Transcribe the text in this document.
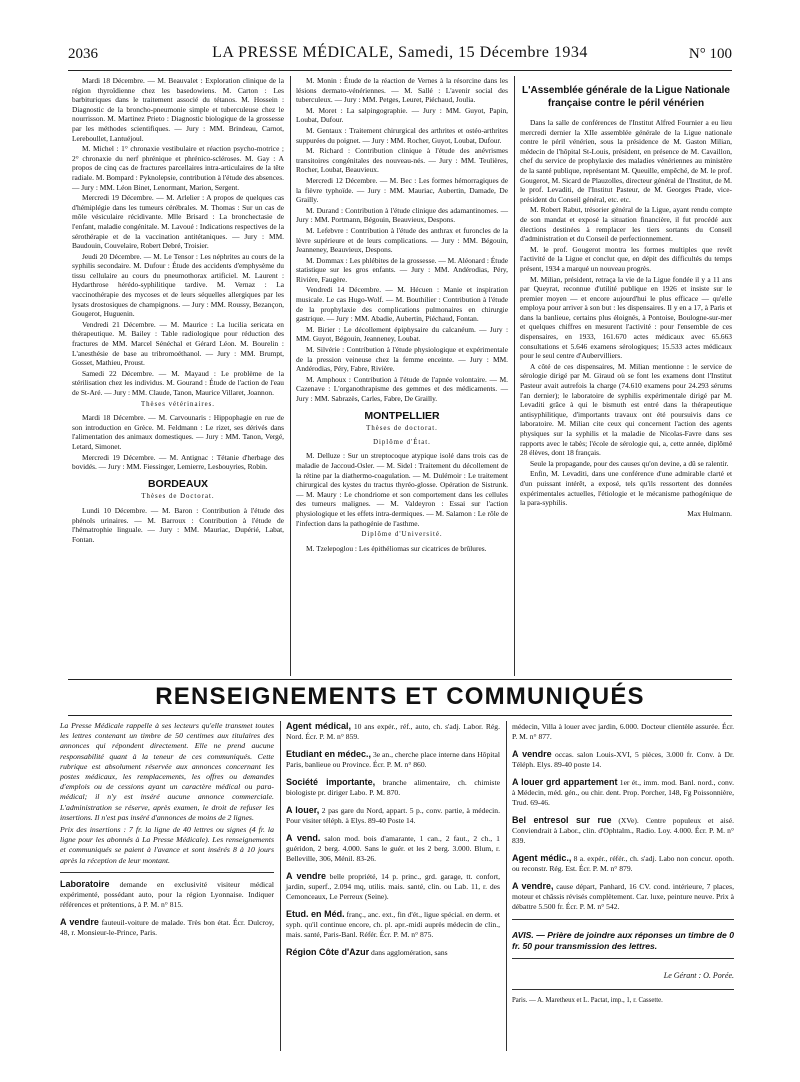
2036	LA PRESSE MÉDICALE, Samedi, 15 Décembre 1934	N° 100

Mardi 18 Décembre. — M. Beauvalet : Exploration clinique de la région thyroïdienne chez les basedowiens. M. Carton : Les barbituriques dans le traitement associé du tétanos. M. Hossein : Diagnostic de la broncho-pneumonie simple et tuberculeuse chez le nourrisson. M. Martinez Prieto : Diagnostic biologique de la grossesse par les méthodes scientifiques. — Jury : MM. Brindeau, Carnot, Lereboullet, Lantuéjoul.

M. Michel : 1° chronaxie vestibulaire et réaction psycho-motrice ; 2° chronaxie du nerf phrénique et phrénico-scléroses. M. Gay : A propos de cinq cas de fractures parcellaires intra-articulaires de la tête radiale. M. Bompard : Pyknolepsie, contribution à l'étude des absences. — Jury : MM. Léon Binet, Lenormant, Marion, Sergent.

Mercredi 19 Décembre. — M. Arlelier : A propos de quelques cas d'hémiplégie dans les tumeurs cérébrales. M. Thomas : Sur un cas de môle vésiculaire récidivante. Mlle Brisard : La bronchectasie de l'enfant, maladie congénitale. M. Lavoué : Indications respectives de la sérothérapie et de la vaccination antitétaniques. — Jury : MM. Baudouin, Couvelaire, Robert Debré, Troisier.

Jeudi 20 Décembre. — M. Le Tensor : Les néphrites au cours de la syphilis secondaire. M. Dufour : Étude des accidents d'emphysème du tissu cellulaire au cours du pneumothorax artificiel. M. Laurent : Hydarthrose hérédo-syphilitique tardive. M. Vernaz : La vaccinothérapie des mycoses et de leurs séquelles allergiques par les lysats drostosiques de champignons. — Jury : MM. Roussy, Bezançon, Gougerot, Huguenin.

Vendredi 21 Décembre. — M. Maurice : La lucilia sericata en thérapeutique. M. Bailey : Table radiologique pour réduction des fractures de MM. Marcel Sénéchal et Gérard Léon. M. Bourelin : L'anesthésie de base au tribromoéthanol. — Jury : MM. Brumpt, Gosset, Mathieu, Proust.

Samedi 22 Décembre. — M. Mayaud : Le problème de la stérilisation chez les individus. M. Gourand : Étude de l'action de l'eau de St-Aré. — Jury : MM. Claude, Tanon, Maurice Villaret, Joannon.

Thèses vétérinaires.

Mardi 18 Décembre. — M. Carvounaris : Hippophagie en rue de son introduction en Grèce. M. Feldmann : Le rizet, ses dérivés dans l'alimentation des animaux domestiques. — Jury : MM. Tanon, Vergé, Letard, Simonet.

Mercredi 19 Décembre. — M. Antignac : Tétanie d'herbage des bovidés. — Jury : MM. Fiessinger, Lemierre, Lesbouyries, Robin.

BORDEAUX
Thèses de Doctorat.

Lundi 10 Décembre. — M. Baron : Contribution à l'étude des phénols urinaires. — M. Barroux : Contribution à l'étude de l'hématrophie linguale. — Jury : MM. Mauriac, Dupérié, Labat, Fontan.

M. Monin : Étude de la réaction de Vernes à la résorcine dans les lésions dermato-vénériennes. — M. Sallé : L'avenir social des tuberculeux. — Jury : MM. Petges, Leuret, Piéchaud, Joulia.

M. Moret : La salpingographie. — Jury : MM. Guyot, Papin, Loubat, Dufour.

M. Gentaux : Traitement chirurgical des arthrites et ostéo-arthrites suppurées du poignet. — Jury : MM. Rocher, Guyot, Loubat, Dufour.

M. Richard : Contribution clinique à l'étude des anévrismes transitoires congénitales des nouveau-nés. — Jury : MM. Teulières, Rocher, Loubat, Beauvieux.

Mercredi 12 Décembre. — M. Bec : Les formes hémorragiques de la fièvre typhoïde. — Jury : MM. Mauriac, Aubertin, Damade, De Grailly.

M. Durand : Contribution à l'étude clinique des adamantinomes. — Jury : MM. Portmann, Bégouin, Beauvieux, Despons.

M. Lefebvre : Contribution à l'étude des anthrax et furoncles de la lèvre supérieure et de leurs complications. — Jury : MM. Bégouin, Jeanneney, Beauvieux, Despons.

M. Dommax : Les phlébites de la grossesse. — M. Aléonard : Étude statistique sur les gros enfants. — Jury : MM. Andérodias, Péry, Rivière, Faugère.

Vendredi 14 Décembre. — M. Hécuen : Manie et inspiration musicale. Le cas Hugo-Wolf. — M. Bouthilier : Contribution à l'étude de la prophylaxie des complications pulmonaires en chirurgie gastrique. — Jury : MM. Abadie, Aubertin, Piéchaud, Fontan.

M. Birier : Le décollement épiphysaire du calcanéum. — Jury : MM. Guyot, Bégouin, Jeanneney, Loubat.

M. Silvérie : Contribution à l'étude physiologique et expérimentale de la pression veineuse chez la femme enceinte. — Jury : MM. Andérodias, Péry, Fabre, Rivière.

M. Amphoux : Contribution à l'étude de l'apnée volontaire. — M. Cazenave : L'organothrapisme des gemmes et des médicaments. — Jury : MM. Sabrazès, Carles, Fabre, De Grailly.

MONTPELLIER
Thèses de doctorat.
Diplôme d'État.

M. Delluze : Sur un streptocoque atypique isolé dans trois cas de maladie de Jaccoud-Osler. — M. Sidel : Traitement du décollement de la rétine par la diathermo-coagulation. — M. Dulémoir : Le traitement chirurgical des kystes du tractus thyréo-glosse. Opération de Sistrunk. — M. Maury : Le chondriome et son comportement dans les cellules des tumeurs malignes. — M. Valdeyron : Essai sur l'action physiologique et les effets intra-dermiques. — M. Salamon : Le rôle de l'infection dans la pathogénie de l'asthme.

Diplôme d'Université.

M. Tzelepoglou : Les épithéliomas sur cicatrices de brûlures.

L'Assemblée générale de la Ligue Nationale française contre le péril vénérien

Dans la salle de conférences de l'Institut Alfred Fournier a eu lieu mercredi dernier la XIIe assemblée générale de la Ligue nationale contre le péril vénérien, sous la présidence de M. Gaston Milian, médecin de l'hôpital St-Louis, président, en présence de M. Cavaillon, chef du service de prophylaxie des maladies vénériennes au ministère de la santé publique, représentant M. Queuille, empêché, de M. le prof. Gougerot, M. Sicard de Plauzolles, directeur général de l'Institut, de M. le prof. Levaditi, de l'Institut Pasteur, de M. Georges Prade, vice-président du Conseil général, etc. etc.

M. Robert Rabut, trésorier général de la Ligue, ayant rendu compte de son mandat et exposé la situation financière, il fut procédé aux élections destinées à remplacer les tiers sortants du Conseil d'administration et du Conseil de perfectionnement.

M. le prof. Gougerot montra les formes multiples que revêt l'activité de la Ligue et conclut que, en dépit des difficultés du temps présent, 1934 a marqué un nouveau progrès.

M. Milian, président, retraça la vie de la Ligue fondée il y a 11 ans par Queyrat, reconnue d'utilité publique en 1926 et insiste sur le premier moyen — et encore aujourd'hui le plus efficace — qu'elle employa pour arriver à son but : les dispensaires. Il y en a 17, à Paris et dans la banlieue, certains plus éloignés, à Pontoise, Boulogne-sur-mer et quelques chiffres en mesurent l'activité : pour l'ensemble de ces dispensaires, en 1933, 161.670 actes médicaux avec 65.663 consultations et 5.646 examens sérologiques; 15.533 actes médicaux pour le seul centre d'Aubervilliers.

A côté de ces dispensaires, M. Milian mentionne : le service de sérologie dirigé par M. Giraud où se font les examens dont l'Institut Pasteur avait autrefois la charge (74.610 examens pour 24.293 sérums l'an dernier); le laboratoire de syphilis expérimentale dirigé par M. Levaditi grâce à qui le bismuth est entré dans la thérapeutique antisyphilitique, d'importants travaux ont été poursuivis dans ce laboratoire. M. Milian cite ceux qui concernent l'action des agents physiques sur la syphilis et la maladie de Nicolas-Favre dans ses rapports avec le tabès; l'école de sérologie qui, a, cette année, diplômé 28 élèves, dont 18 français.

Seule la propagande, pour des causes qu'on devine, a dû se ralentir.

Enfin, M. Levaditi, dans une conférence d'une admirable clarté et d'un puissant intérêt, a exposé, tels qu'ils ressortent des données expérimentales actuelles, l'étiologie et le mécanisme pathogénique de la para-syphilis.

Max Hulmann.

RENSEIGNEMENTS ET COMMUNIQUÉS
La Presse Médicale rappelle à ses lecteurs qu'elle transmet toutes les lettres contenant un timbre de 50 centimes aux titulaires des annonces qui répondent directement. Elle ne prend aucune responsabilité quant à la teneur de ces communiqués. Cette rubrique est absolument réservée aux annonces concernant les postes médicaux, les remplacements, les offres ou demandes d'emplois ou de cessions ayant un caractère médical ou para-médical; il n'y est inséré aucune annonce commerciale. L'administration se réserve, après examen, le droit de refuser les insertions. Il n'est pas inséré d'annonces de moins de 2 lignes.
Prix des insertions : 7 fr. la ligne de 40 lettres ou signes (4 fr. la ligne pour les abonnés à La Presse Médicale). Les renseignements et communiqués se paient à l'avance et sont insérés 8 à 10 jours après la réception de leur montant.
Laboratoire demande en exclusivité visiteur médical expérimenté, possédant auto, pour la région Lyonnaise. Indiquer références et prétentions, à P. M. n° 815.
A vendre fauteuil-voiture de malade. Très bon état. Écr. Dulcroy, 48, r. Monsieur-le-Prince, Paris.
Agent médical, 10 ans expér., réf., auto, ch. s'adj. Labor. Rég. Nord. Écr. P. M. n° 859.
Etudiant en médec., 3e an., cherche place interne dans Hôpital Paris, banlieue ou Province. Écr. P. M. n° 860.
Société importante, branche alimentaire, ch. chimiste biologiste pr. diriger Labo. P. M. 870.
A louer, 2 pas gare du Nord, appart. 5 p., conv. partie, à médecin. Pour visiter téléph. à Elys. 89-40 Poste 14.
A vend. salon mod. bois d'amarante, 1 can., 2 faut., 2 ch., 1 guéridon, 2 berg. 4.000. Sans le guér. et les 2 berg. 3.000. Blum, r. Belleville, 306, Ménil. 83-26.
A vendre belle propriété, 14 p. princ., grd. garage, tt. confort, jardin, superf., 2.094 mq, utilis. mais. santé, clin. ou Lab. 11, r. des Cemonceaux, Le Perreux (Seine).
Etud. en Méd. franç., anc. ext., fin d'ét., ligue spécial. en derm. et syph. qu'il continue encore, ch. pl. apr.-midi auprès médecin de clin., mais. santé, Paris-Banl. Référ. Écr. P. M. n° 875.
Région Côte d'Azur dans agglomération, sans
médecin, Villa à louer avec jardin, 6.000. Docteur clientèle assurée. Écr. P. M. n° 877.
A vendre occas. salon Louis-XVI, 5 pièces, 3.000 fr. Conv. à Dr. Téléph. Elys. 89-40 poste 14.
A louer grd appartement 1er ét., imm. mod. Banl. nord., conv. à Médecin, méd. gén., ou chir. dent. Prop. Porcher, 148, Fg Poissonnière, Trud. 69-46.
Bel entresol sur rue (XVe). Centre populeux et aisé. Conviendrait à Labor., clin. d'Ophtalm., Radio. Loy. 4.000. Écr. P. M. n° 839.
Agent médic., 8 a. expér., référ., ch. s'adj. Labo non concur. opoth. ou reconstr. Rég. Est. Écr. P. M. n° 879.
A vendre, cause départ, Panhard, 16 CV. cond. intérieure, 7 places, moteur et châssis révisés complètement. Car. luxe, peinture neuve. Prix à débattre 5.500 fr. Écr. P. M. n° 542.
AVIS. — Prière de joindre aux réponses un timbre de 0 fr. 50 pour transmission des lettres.
Le Gérant : O. Porée.
Paris. — A. Maretheux et L. Pactat, imp., 1, r. Cassette.
